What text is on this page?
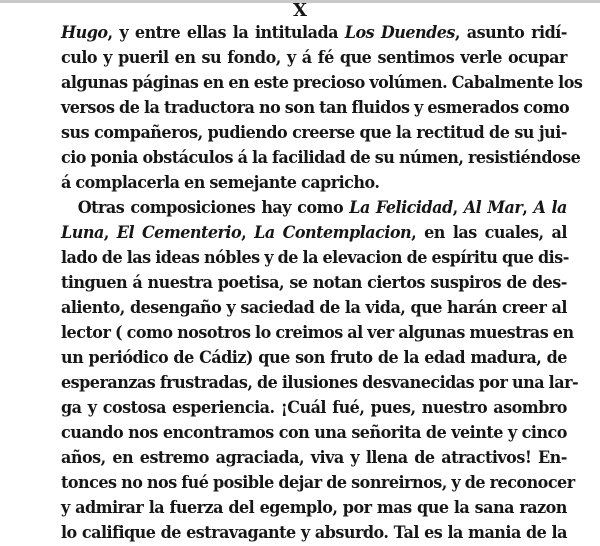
X
Hugo, y entre ellas la intitulada Los Duendes, asunto ridí-
culo y pueril en su fondo, y á fé que sentimos verle ocupar
algunas páginas en en este precioso volúmen. Cabalmente los
versos de la traductora no son tan fluidos y esmerados como
sus compañeros, pudiendo creerse que la rectitud de su jui-
cio ponia obstáculos á la facilidad de su númen, resistiéndose
á complacerla en semejante capricho.
Otras composiciones hay como La Felicidad, Al Mar, A la
Luna, El Cementerio, La Contemplacion, en las cuales, al
lado de las ideas nóbles y de la elevacion de espíritu que dis-
tinguen á nuestra poetisa, se notan ciertos suspiros de des-
aliento, desengaño y saciedad de la vida, que harán creer al
lector ( como nosotros lo creimos al ver algunas muestras en
un periódico de Cádiz) que son fruto de la edad madura, de
esperanzas frustradas, de ilusiones desvanecidas por una lar-
ga y costosa esperiencia. ¡Cuál fué, pues, nuestro asombro
cuando nos encontramos con una señorita de veinte y cinco
años, en estremo agraciada, viva y llena de atractivos! En-
tonces no nos fué posible dejar de sonreirnos, y de reconocer
y admirar la fuerza del egemplo, por mas que la sana razon
lo califique de estravagante y absurdo. Tal es la mania de la
